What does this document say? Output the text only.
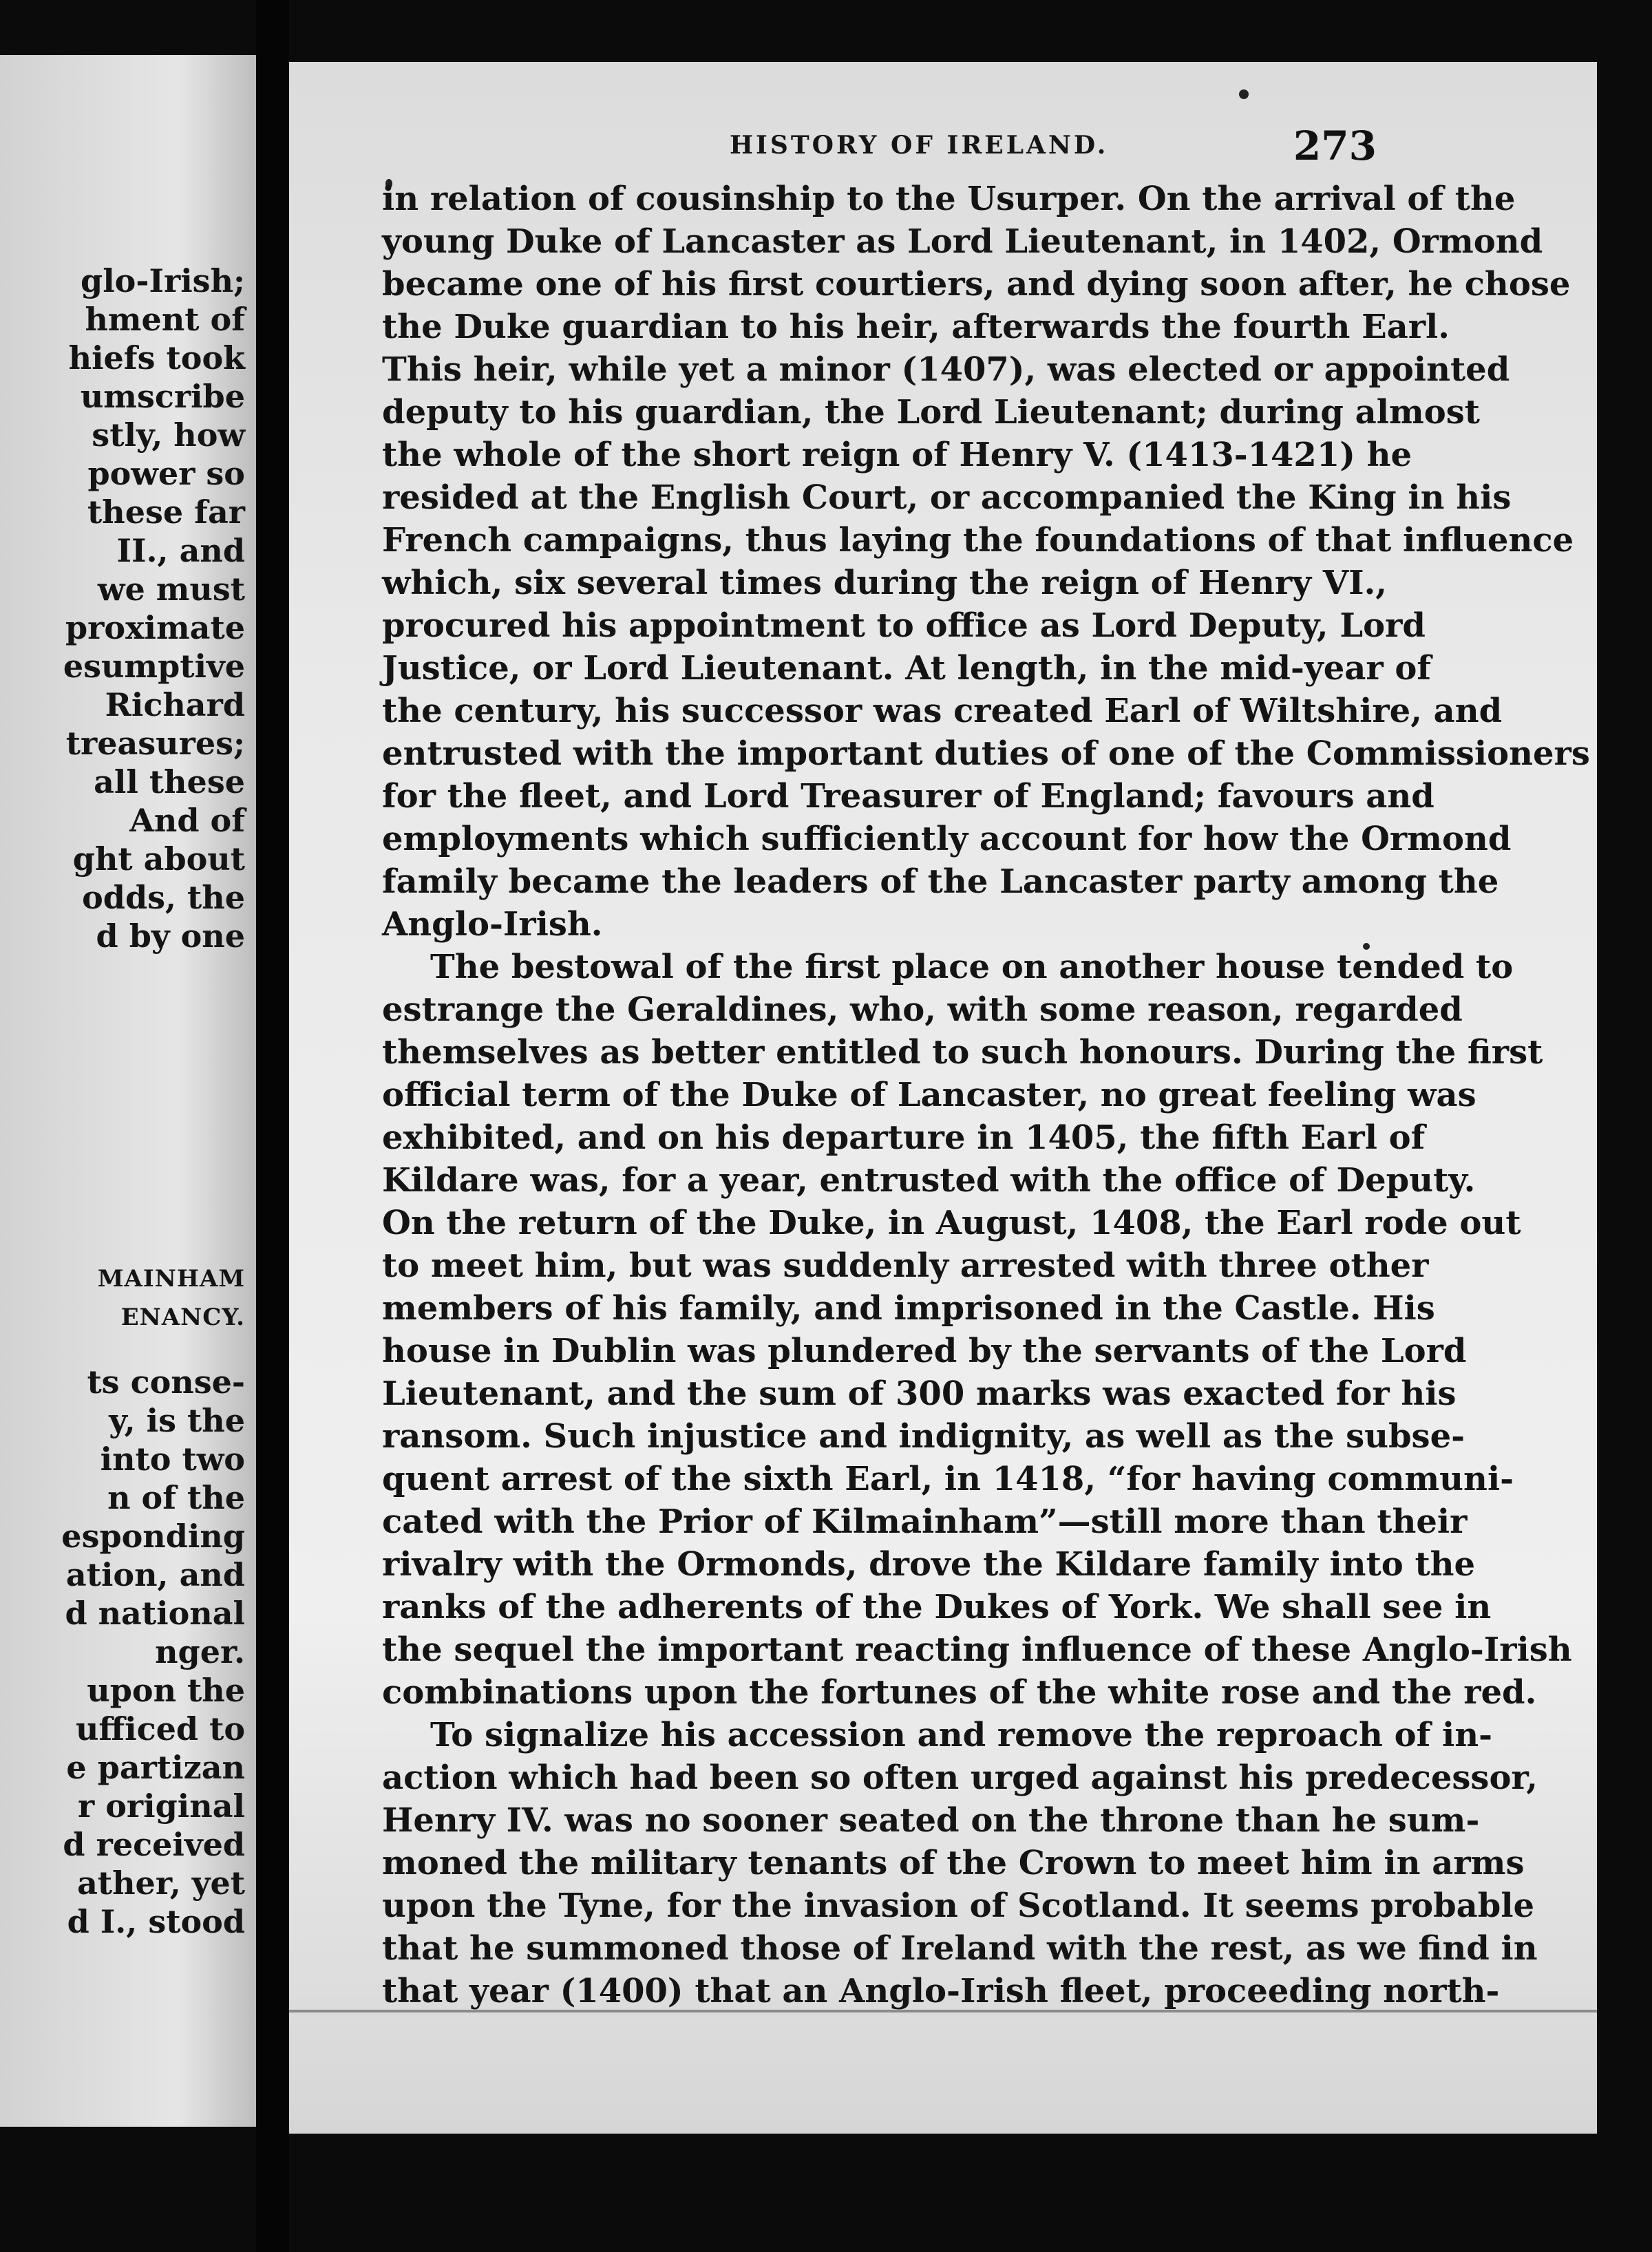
glo-Irish;
hment of
hiefs took
umscribe
stly, how
power so
these far
II., and
we must
proximate
esumptive
Richard
treasures;
all these
And of
ght about
odds, the
d by one
MAINHAM
ENANCY.
ts conse-
y, is the
into two
n of the
esponding
ation, and
d national
nger.
upon the
ufficed to
e partizan
r original
d received
ather, yet
d I., stood
HISTORY OF IRELAND.	273
in relation of cousinship to the Usurper. On the arrival of the
young Duke of Lancaster as Lord Lieutenant, in 1402, Ormond
became one of his first courtiers, and dying soon after, he chose
the Duke guardian to his heir, afterwards the fourth Earl.
This heir, while yet a minor (1407), was elected or appointed
deputy to his guardian, the Lord Lieutenant; during almost
the whole of the short reign of Henry V. (1413-1421) he
resided at the English Court, or accompanied the King in his
French campaigns, thus laying the foundations of that influence
which, six several times during the reign of Henry VI.,
procured his appointment to office as Lord Deputy, Lord
Justice, or Lord Lieutenant. At length, in the mid-year of
the century, his successor was created Earl of Wiltshire, and
entrusted with the important duties of one of the Commissioners
for the fleet, and Lord Treasurer of England; favours and
employments which sufficiently account for how the Ormond
family became the leaders of the Lancaster party among the
Anglo-Irish.
The bestowal of the first place on another house tended to
estrange the Geraldines, who, with some reason, regarded
themselves as better entitled to such honours. During the first
official term of the Duke of Lancaster, no great feeling was
exhibited, and on his departure in 1405, the fifth Earl of
Kildare was, for a year, entrusted with the office of Deputy.
On the return of the Duke, in August, 1408, the Earl rode out
to meet him, but was suddenly arrested with three other
members of his family, and imprisoned in the Castle. His
house in Dublin was plundered by the servants of the Lord
Lieutenant, and the sum of 300 marks was exacted for his
ransom. Such injustice and indignity, as well as the subse-
quent arrest of the sixth Earl, in 1418, “for having communi-
cated with the Prior of Kilmainham”—still more than their
rivalry with the Ormonds, drove the Kildare family into the
ranks of the adherents of the Dukes of York. We shall see in
the sequel the important reacting influence of these Anglo-Irish
combinations upon the fortunes of the white rose and the red.
To signalize his accession and remove the reproach of in-
action which had been so often urged against his predecessor,
Henry IV. was no sooner seated on the throne than he sum-
moned the military tenants of the Crown to meet him in arms
upon the Tyne, for the invasion of Scotland. It seems probable
that he summoned those of Ireland with the rest, as we find in
that year (1400) that an Anglo-Irish fleet, proceeding north-
